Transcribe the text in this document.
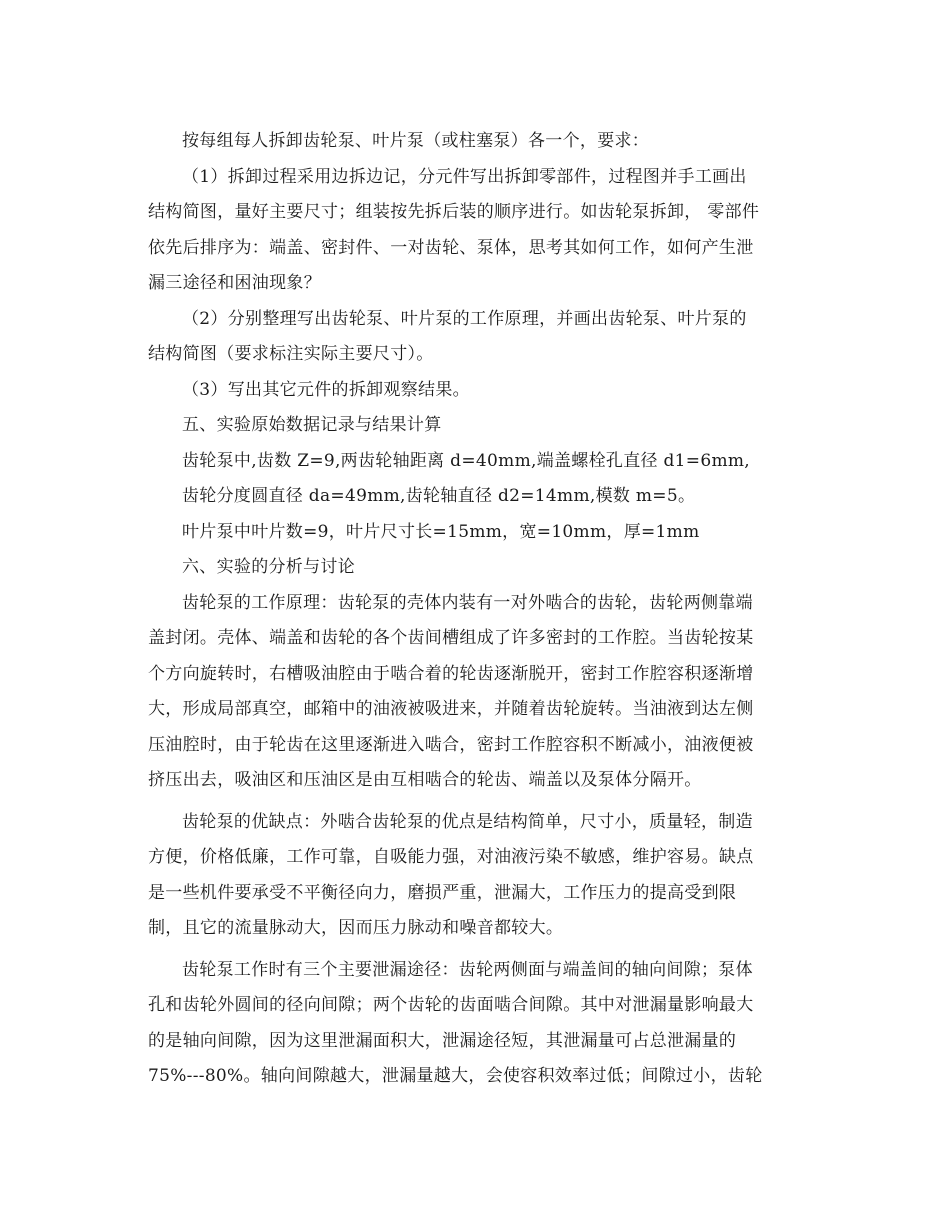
按每组每人拆卸齿轮泵、叶片泵（或柱塞泵）各一个，要求：
（1）拆卸过程采用边拆边记，分元件写出拆卸零部件，过程图并手工画出
结构简图，量好主要尺寸；组装按先拆后装的顺序进行。如齿轮泵拆卸， 零部件
依先后排序为：端盖、密封件、一对齿轮、泵体，思考其如何工作，如何产生泄
漏三途径和困油现象？
（2）分别整理写出齿轮泵、叶片泵的工作原理，并画出齿轮泵、叶片泵的
结构简图（要求标注实际主要尺寸）。
（3）写出其它元件的拆卸观察结果。
五、实验原始数据记录与结果计算
齿轮泵中,齿数 Z=9,两齿轮轴距离 d=40mm,端盖螺栓孔直径 d1=6mm,
齿轮分度圆直径 da=49mm,齿轮轴直径 d2=14mm,模数 m=5。
叶片泵中叶片数=9，叶片尺寸长=15mm，宽=10mm，厚=1mm
六、实验的分析与讨论
齿轮泵的工作原理：齿轮泵的壳体内装有一对外啮合的齿轮，齿轮两侧靠端
盖封闭。壳体、端盖和齿轮的各个齿间槽组成了许多密封的工作腔。当齿轮按某
个方向旋转时，右槽吸油腔由于啮合着的轮齿逐渐脱开，密封工作腔容积逐渐增
大，形成局部真空，邮箱中的油液被吸进来，并随着齿轮旋转。当油液到达左侧
压油腔时，由于轮齿在这里逐渐进入啮合，密封工作腔容积不断减小，油液便被
挤压出去，吸油区和压油区是由互相啮合的轮齿、端盖以及泵体分隔开。
齿轮泵的优缺点：外啮合齿轮泵的优点是结构简单，尺寸小，质量轻，制造
方便，价格低廉，工作可靠，自吸能力强，对油液污染不敏感，维护容易。缺点
是一些机件要承受不平衡径向力，磨损严重，泄漏大，工作压力的提高受到限
制，且它的流量脉动大，因而压力脉动和噪音都较大。
齿轮泵工作时有三个主要泄漏途径：齿轮两侧面与端盖间的轴向间隙；泵体
孔和齿轮外圆间的径向间隙；两个齿轮的齿面啮合间隙。其中对泄漏量影响最大
的是轴向间隙，因为这里泄漏面积大，泄漏途径短，其泄漏量可占总泄漏量的
75%---80%。轴向间隙越大，泄漏量越大，会使容积效率过低；间隙过小，齿轮
